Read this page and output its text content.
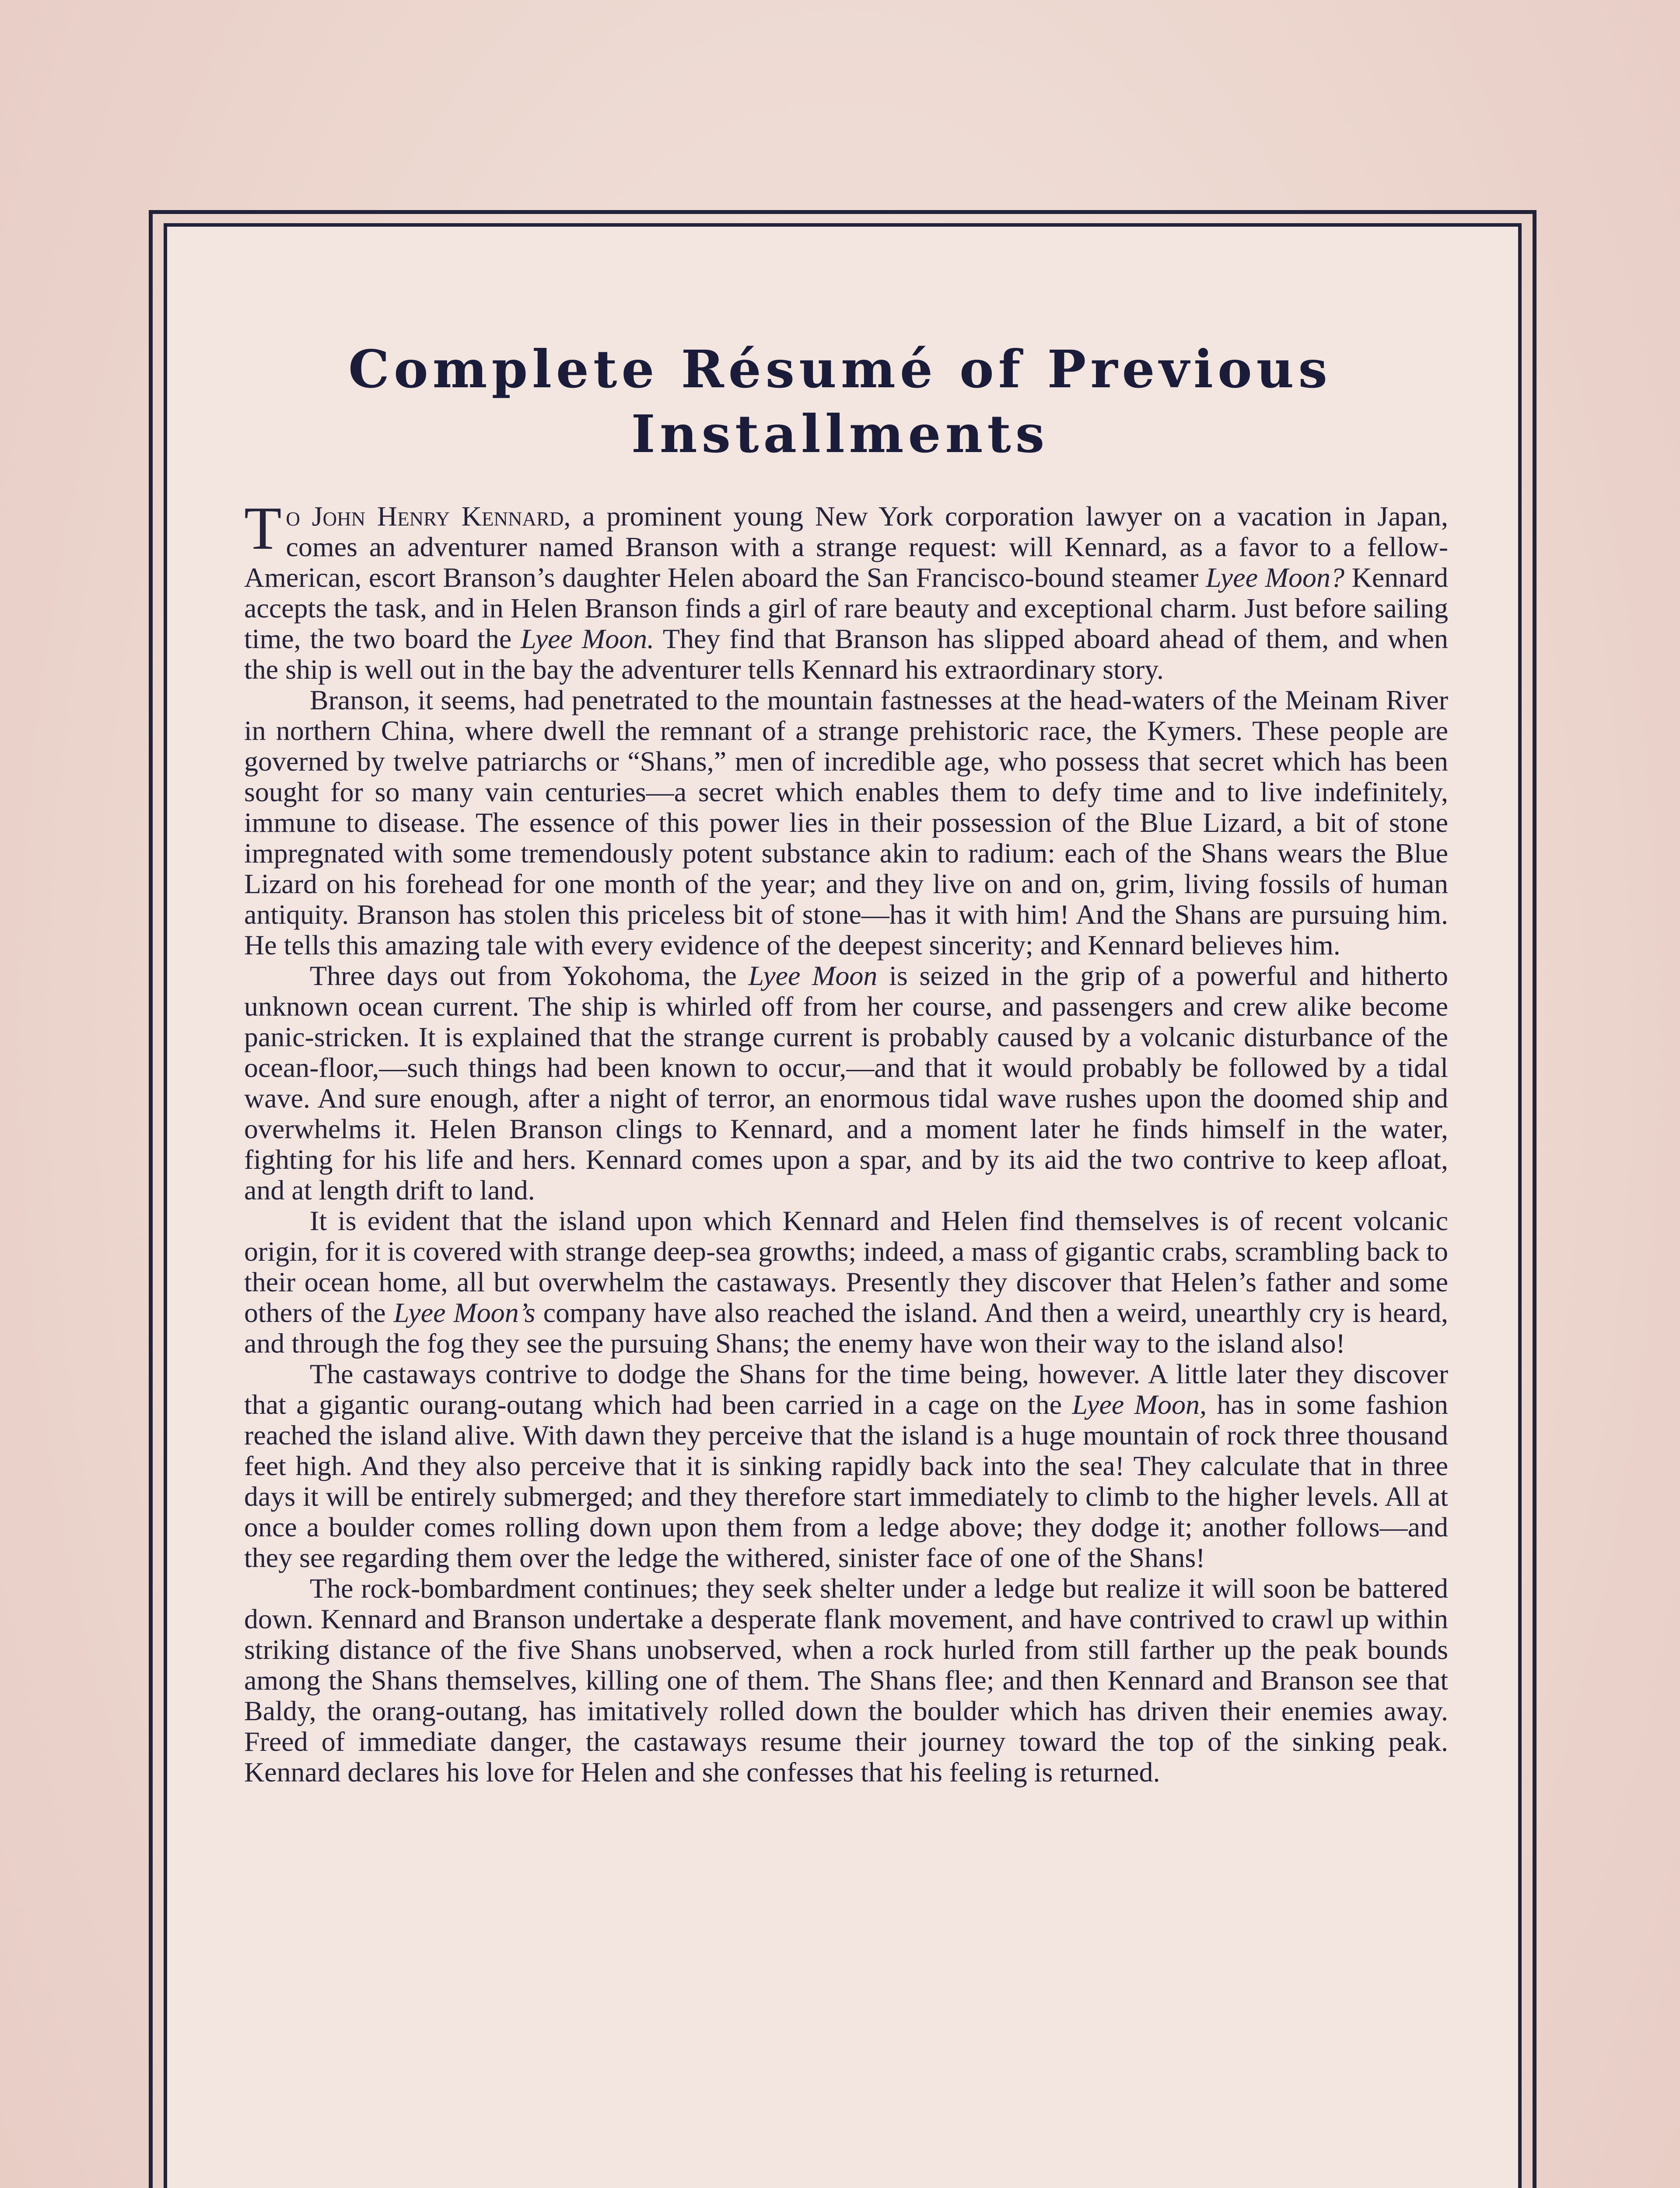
Complete Résumé of Previous
Installments

To John Henry Kennard, a prominent young New York corporation lawyer on a vacation in Japan, comes an adventurer named Branson with a strange request: will Kennard, as a favor to a fellow-American, escort Branson’s daughter Helen aboard the San Francisco-bound steamer Lyee Moon? Kennard accepts the task, and in Helen Branson finds a girl of rare beauty and exceptional charm. Just before sailing time, the two board the Lyee Moon. They find that Branson has slipped aboard ahead of them, and when the ship is well out in the bay the adventurer tells Kennard his extraordinary story.

Branson, it seems, had penetrated to the mountain fastnesses at the head-waters of the Meinam River in northern China, where dwell the remnant of a strange prehistoric race, the Kymers. These people are governed by twelve patriarchs or “Shans,” men of incredible age, who possess that secret which has been sought for so many vain centuries—a secret which enables them to defy time and to live indefinitely, immune to disease. The essence of this power lies in their possession of the Blue Lizard, a bit of stone impregnated with some tremendously potent substance akin to radium: each of the Shans wears the Blue Lizard on his forehead for one month of the year; and they live on and on, grim, living fossils of human antiquity. Branson has stolen this priceless bit of stone—has it with him! And the Shans are pursuing him. He tells this amazing tale with every evidence of the deepest sincerity; and Kennard believes him.

Three days out from Yokohoma, the Lyee Moon is seized in the grip of a powerful and hitherto unknown ocean current. The ship is whirled off from her course, and passengers and crew alike become panic-stricken. It is explained that the strange current is probably caused by a volcanic disturbance of the ocean-floor,—such things had been known to occur,—and that it would probably be followed by a tidal wave. And sure enough, after a night of terror, an enormous tidal wave rushes upon the doomed ship and overwhelms it. Helen Branson clings to Kennard, and a moment later he finds himself in the water, fighting for his life and hers. Kennard comes upon a spar, and by its aid the two contrive to keep afloat, and at length drift to land.

It is evident that the island upon which Kennard and Helen find themselves is of recent volcanic origin, for it is covered with strange deep-sea growths; indeed, a mass of gigantic crabs, scrambling back to their ocean home, all but overwhelm the castaways. Presently they discover that Helen’s father and some others of the Lyee Moon’s company have also reached the island. And then a weird, unearthly cry is heard, and through the fog they see the pursuing Shans; the enemy have won their way to the island also!

The castaways contrive to dodge the Shans for the time being, however. A little later they discover that a gigantic ourang-outang which had been carried in a cage on the Lyee Moon, has in some fashion reached the island alive. With dawn they perceive that the island is a huge mountain of rock three thousand feet high. And they also perceive that it is sinking rapidly back into the sea! They calculate that in three days it will be entirely submerged; and they therefore start immediately to climb to the higher levels. All at once a boulder comes rolling down upon them from a ledge above; they dodge it; another follows—and they see regarding them over the ledge the withered, sinister face of one of the Shans!

The rock-bombardment continues; they seek shelter under a ledge but realize it will soon be battered down. Kennard and Branson undertake a desperate flank movement, and have contrived to crawl up within striking distance of the five Shans unobserved, when a rock hurled from still farther up the peak bounds among the Shans themselves, killing one of them. The Shans flee; and then Kennard and Branson see that Baldy, the orang-outang, has imitatively rolled down the boulder which has driven their enemies away. Freed of immediate danger, the castaways resume their journey toward the top of the sinking peak. Kennard declares his love for Helen and she confesses that his feeling is returned.
